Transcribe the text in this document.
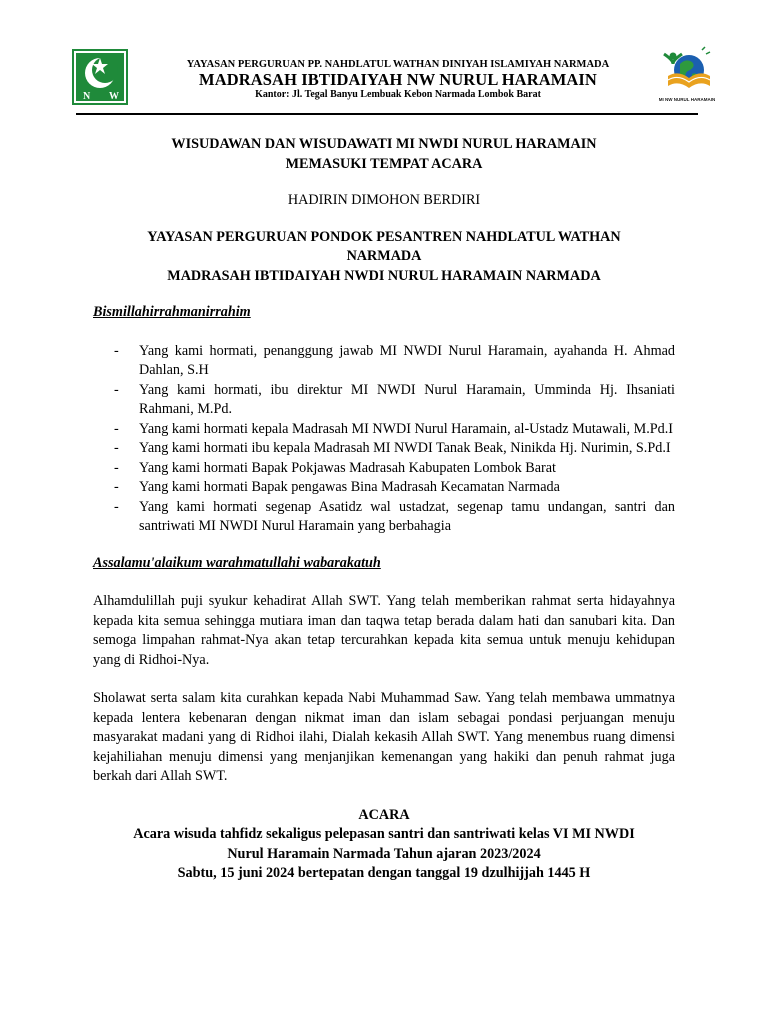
N W
YAYASAN PERGURUAN PP. NAHDLATUL WATHAN DINIYAH ISLAMIYAH NARMADA
MADRASAH IBTIDAIYAH NW NURUL HARAMAIN
Kantor: Jl. Tegal Banyu Lembuak Kebon Narmada Lombok Barat	MI NW NURUL HARAMAIN
WISUDAWAN DAN WISUDAWATI MI NWDI NURUL HARAMAIN
MEMASUKI TEMPAT ACARA
HADIRIN DIMOHON BERDIRI
YAYASAN PERGURUAN PONDOK PESANTREN NAHDLATUL WATHAN
NARMADA
MADRASAH IBTIDAIYAH NWDI NURUL HARAMAIN NARMADA
Bismillahirrahmanirrahim
- Yang kami hormati, penanggung jawab MI NWDI Nurul Haramain, ayahanda H. Ahmad Dahlan, S.H
- Yang kami hormati, ibu direktur MI NWDI Nurul Haramain, Umminda Hj. Ihsaniati Rahmani, M.Pd.
- Yang kami hormati kepala Madrasah MI NWDI Nurul Haramain, al-Ustadz Mutawali, M.Pd.I
- Yang kami hormati ibu kepala Madrasah MI NWDI Tanak Beak, Ninikda Hj. Nurimin, S.Pd.I
- Yang kami hormati Bapak Pokjawas Madrasah Kabupaten Lombok Barat
- Yang kami hormati Bapak pengawas Bina Madrasah Kecamatan Narmada
- Yang kami hormati segenap Asatidz wal ustadzat, segenap tamu undangan, santri dan santriwati MI NWDI Nurul Haramain yang berbahagia
Assalamu'alaikum warahmatullahi wabarakatuh

Alhamdulillah puji syukur kehadirat Allah SWT. Yang telah memberikan rahmat serta hidayahnya kepada kita semua sehingga mutiara iman dan taqwa tetap berada dalam hati dan sanubari kita. Dan semoga limpahan rahmat-Nya akan tetap tercurahkan kepada kita semua untuk menuju kehidupan yang di Ridhoi-Nya.

Sholawat serta salam kita curahkan kepada Nabi Muhammad Saw. Yang telah membawa ummatnya kepada lentera kebenaran dengan nikmat iman dan islam sebagai pondasi perjuangan menuju masyarakat madani yang di Ridhoi ilahi, Dialah kekasih Allah SWT. Yang menembus ruang dimensi kejahiliahan menuju dimensi yang menjanjikan kemenangan yang hakiki dan penuh rahmat juga berkah dari Allah SWT.

ACARA
Acara wisuda tahfidz sekaligus pelepasan santri dan santriwati kelas VI MI NWDI
Nurul Haramain Narmada Tahun ajaran 2023/2024
Sabtu, 15 juni 2024 bertepatan dengan tanggal 19 dzulhijjah 1445 H
